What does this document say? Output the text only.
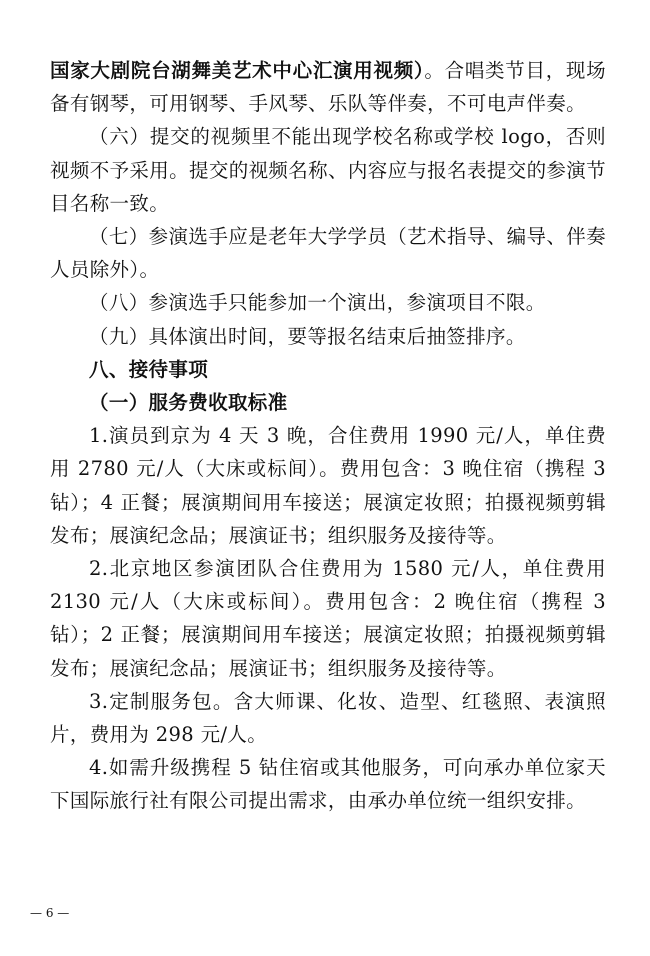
国家大剧院台湖舞美艺术中心汇演用视频）。合唱类节目，现场备有钢琴，可用钢琴、手风琴、乐队等伴奏，不可电声伴奏。

（六）提交的视频里不能出现学校名称或学校 logo，否则视频不予采用。提交的视频名称、内容应与报名表提交的参演节目名称一致。

（七）参演选手应是老年大学学员（艺术指导、编导、伴奏人员除外）。

（八）参演选手只能参加一个演出，参演项目不限。

（九）具体演出时间，要等报名结束后抽签排序。

八、接待事项

（一）服务费收取标准

1.演员到京为 4 天 3 晚，合住费用 1990 元/人，单住费用 2780 元/人（大床或标间）。费用包含：3 晚住宿（携程 3 钻）；4 正餐；展演期间用车接送；展演定妆照；拍摄视频剪辑发布；展演纪念品；展演证书；组织服务及接待等。

2.北京地区参演团队合住费用为 1580 元/人，单住费用 2130 元/人（大床或标间）。费用包含：2 晚住宿（携程 3 钻）；2 正餐；展演期间用车接送；展演定妆照；拍摄视频剪辑发布；展演纪念品；展演证书；组织服务及接待等。

3.定制服务包。含大师课、化妆、造型、红毯照、表演照片，费用为 298 元/人。

4.如需升级携程 5 钻住宿或其他服务，可向承办单位家天下国际旅行社有限公司提出需求，由承办单位统一组织安排。

— 6 —
